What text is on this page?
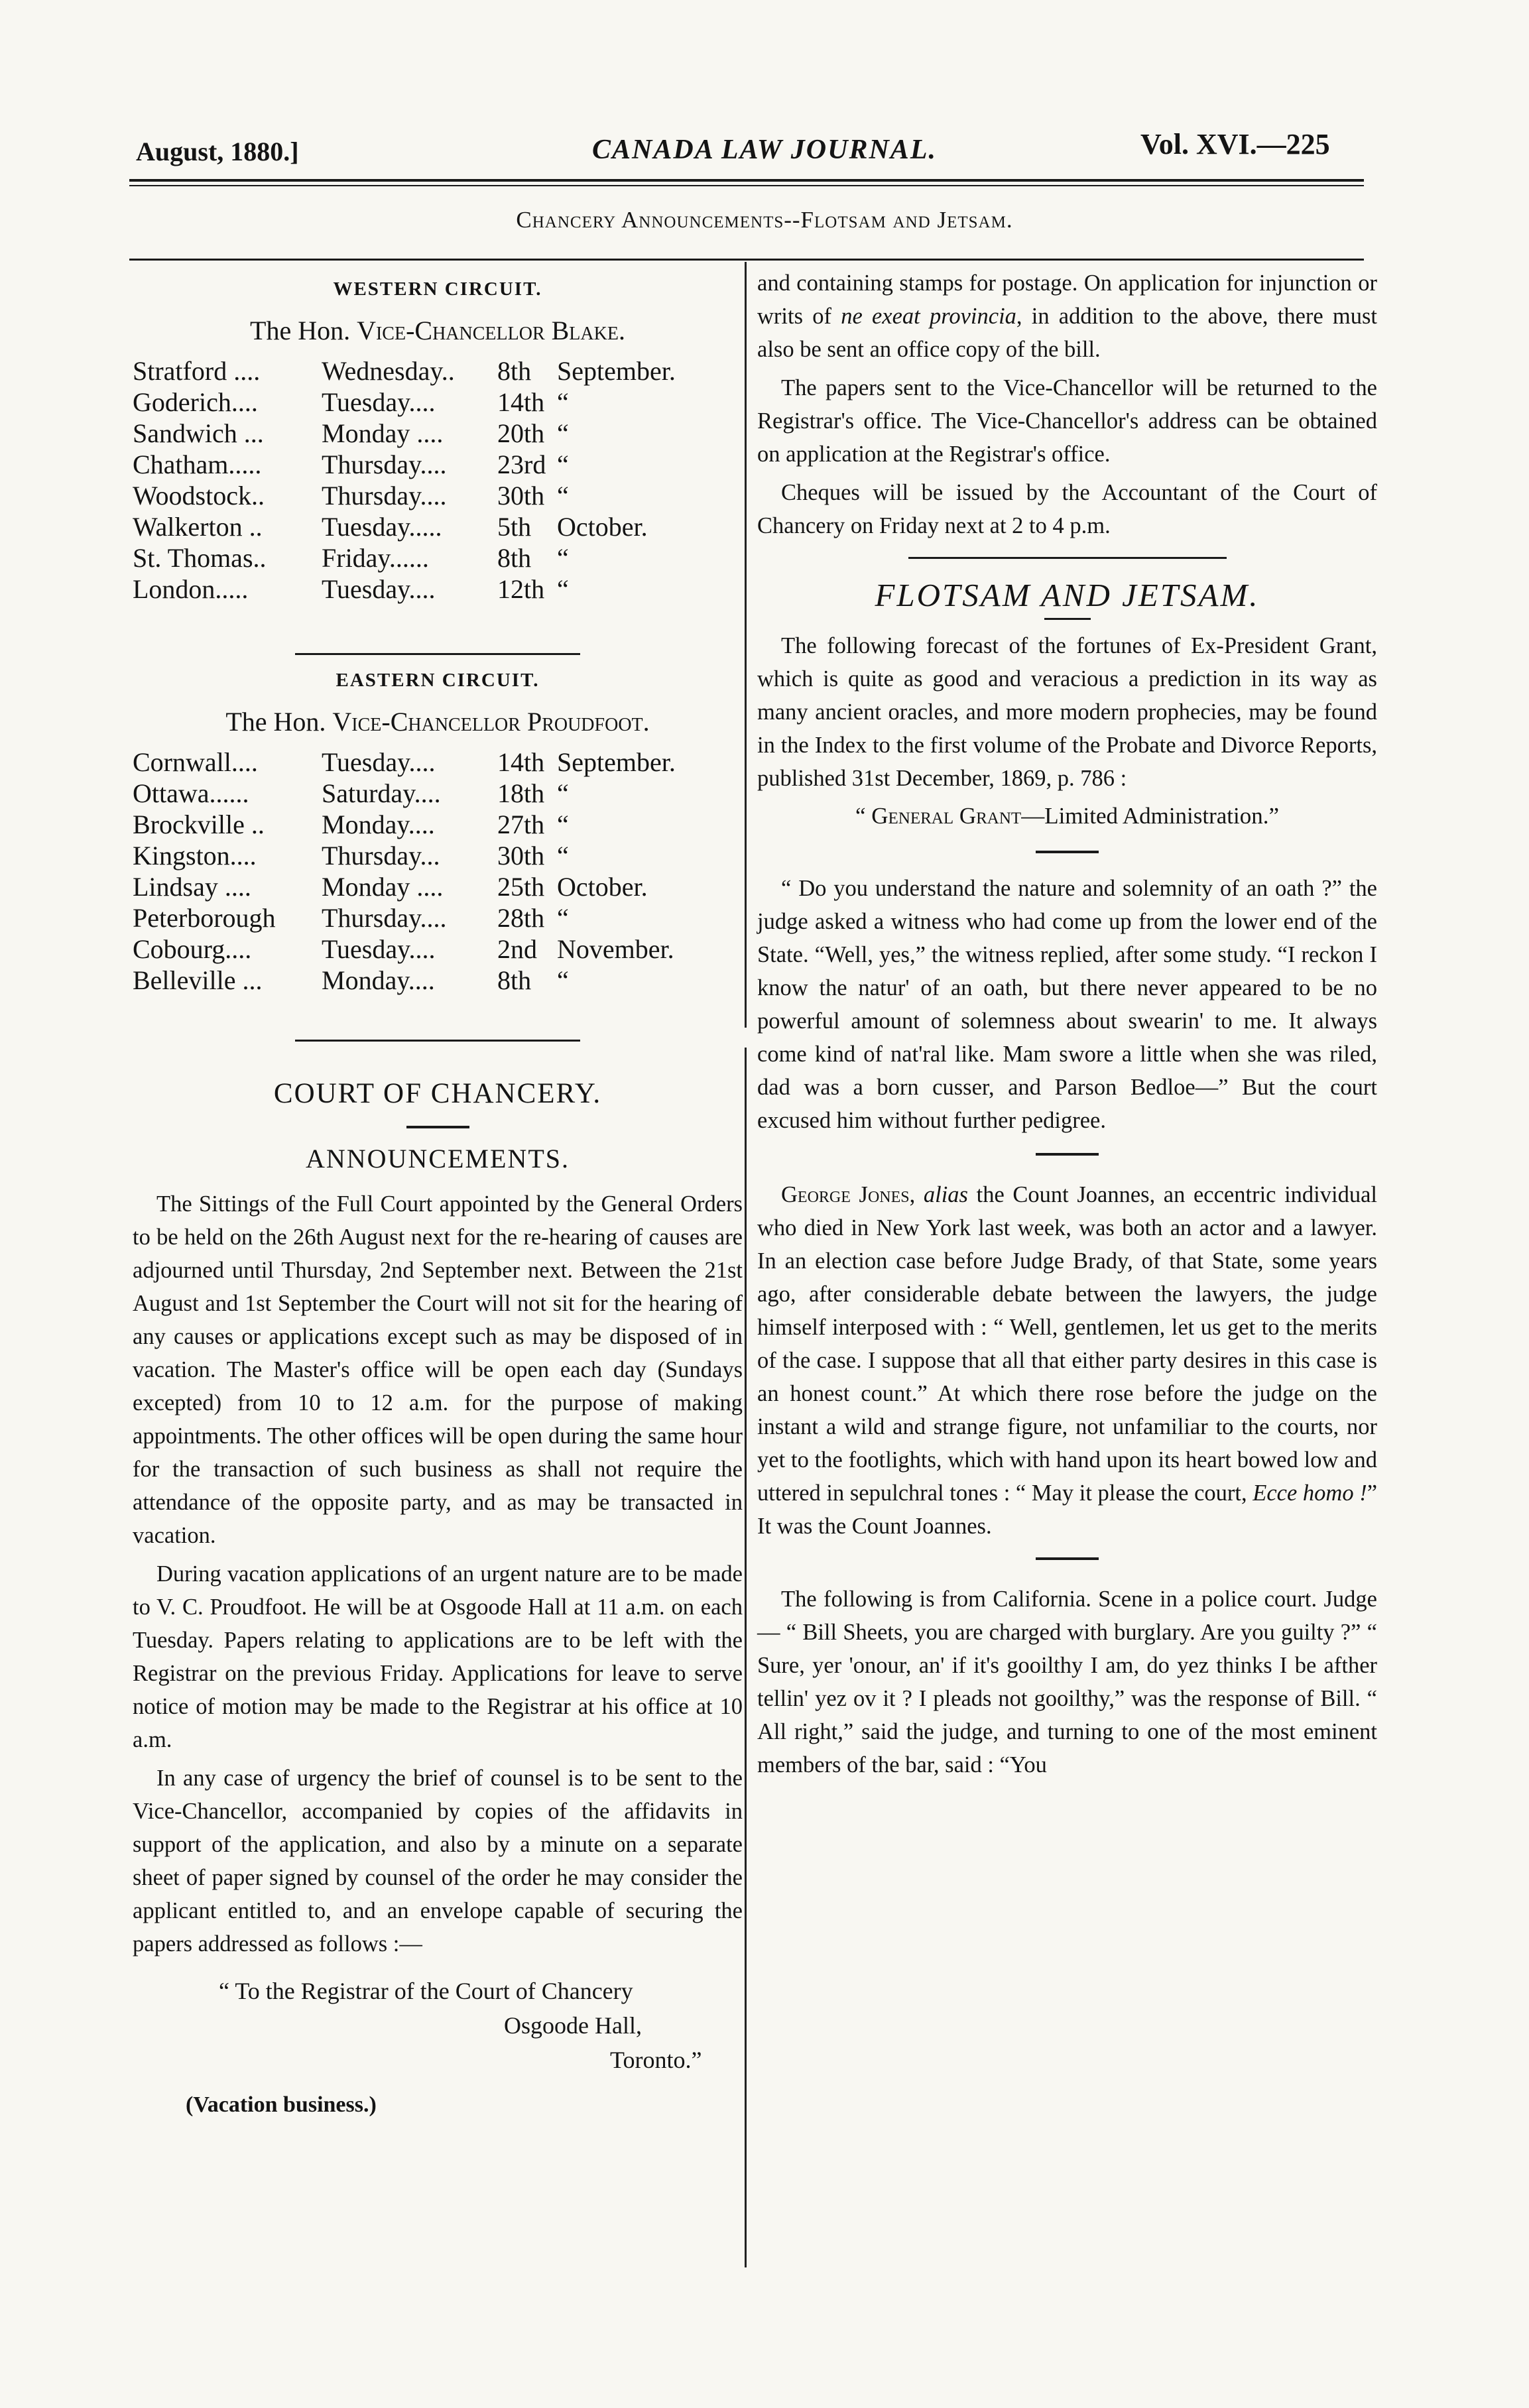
August, 1880.]	CANADA LAW JOURNAL.	Vol. XVI.—225
Chancery Announcements--Flotsam and Jetsam.
WESTERN CIRCUIT.
The Hon. Vice-Chancellor Blake.
Stratford ....	Wednesday..	8th	September.
Goderich....	Tuesday....	14th	“
Sandwich ...	Monday ....	20th	“
Chatham.....	Thursday....	23rd	“
Woodstock..	Thursday....	30th	“
Walkerton ..	Tuesday.....	5th	October.
St. Thomas..	Friday......	8th	“
London.....	Tuesday....	12th	“
EASTERN CIRCUIT.
The Hon. Vice-Chancellor Proudfoot.
Cornwall....	Tuesday....	14th	September.
Ottawa......	Saturday....	18th	“
Brockville ..	Monday....	27th	“
Kingston....	Thursday...	30th	“
Lindsay ....	Monday ....	25th	October.
Peterborough	Thursday....	28th	“
Cobourg....	Tuesday....	2nd	November.
Belleville ...	Monday....	8th	“
COURT OF CHANCERY.
ANNOUNCEMENTS.

The Sittings of the Full Court appointed by the General Orders to be held on the 26th August next for the re-hearing of causes are adjourned until Thursday, 2nd September next. Between the 21st August and 1st September the Court will not sit for the hearing of any causes or applications except such as may be disposed of in vacation. The Master's office will be open each day (Sundays excepted) from 10 to 12 a.m. for the purpose of making appointments. The other offices will be open during the same hour for the transaction of such business as shall not require the attendance of the opposite party, and as may be transacted in vacation.

During vacation applications of an urgent nature are to be made to V. C. Proudfoot. He will be at Osgoode Hall at 11 a.m. on each Tuesday. Papers relating to applications are to be left with the Registrar on the previous Friday. Applications for leave to serve notice of motion may be made to the Registrar at his office at 10 a.m.

In any case of urgency the brief of counsel is to be sent to the Vice-Chancellor, accompanied by copies of the affidavits in support of the application, and also by a minute on a separate sheet of paper signed by counsel of the order he may consider the applicant entitled to, and an envelope capable of securing the papers addressed as follows :—

“ To the Registrar of the Court of Chancery
Osgoode Hall,
Toronto.”
(Vacation business.)

and containing stamps for postage. On application for injunction or writs of ne exeat provincia, in addition to the above, there must also be sent an office copy of the bill.

The papers sent to the Vice-Chancellor will be returned to the Registrar's office. The Vice-Chancellor's address can be obtained on application at the Registrar's office.

Cheques will be issued by the Accountant of the Court of Chancery on Friday next at 2 to 4 p.m.

FLOTSAM AND JETSAM.

The following forecast of the fortunes of Ex-President Grant, which is quite as good and veracious a prediction in its way as many ancient oracles, and more modern prophecies, may be found in the Index to the first volume of the Probate and Divorce Reports, published 31st December, 1869, p. 786 :

“ General Grant—Limited Administration.”

“ Do you understand the nature and solemnity of an oath ?” the judge asked a witness who had come up from the lower end of the State. “Well, yes,” the witness replied, after some study. “I reckon I know the natur' of an oath, but there never appeared to be no powerful amount of solemness about swearin' to me. It always come kind of nat'ral like. Mam swore a little when she was riled, dad was a born cusser, and Parson Bedloe—” But the court excused him without further pedigree.

George Jones, alias the Count Joannes, an eccentric individual who died in New York last week, was both an actor and a lawyer. In an election case before Judge Brady, of that State, some years ago, after considerable debate between the lawyers, the judge himself interposed with : “ Well, gentlemen, let us get to the merits of the case. I suppose that all that either party desires in this case is an honest count.” At which there rose before the judge on the instant a wild and strange figure, not unfamiliar to the courts, nor yet to the footlights, which with hand upon its heart bowed low and uttered in sepulchral tones : “ May it please the court, Ecce homo !” It was the Count Joannes.

The following is from California. Scene in a police court. Judge — “ Bill Sheets, you are charged with burglary. Are you guilty ?” “ Sure, yer 'onour, an' if it's gooilthy I am, do yez thinks I be afther tellin' yez ov it ? I pleads not gooilthy,” was the response of Bill. “ All right,” said the judge, and turning to one of the most eminent members of the bar, said : “You
